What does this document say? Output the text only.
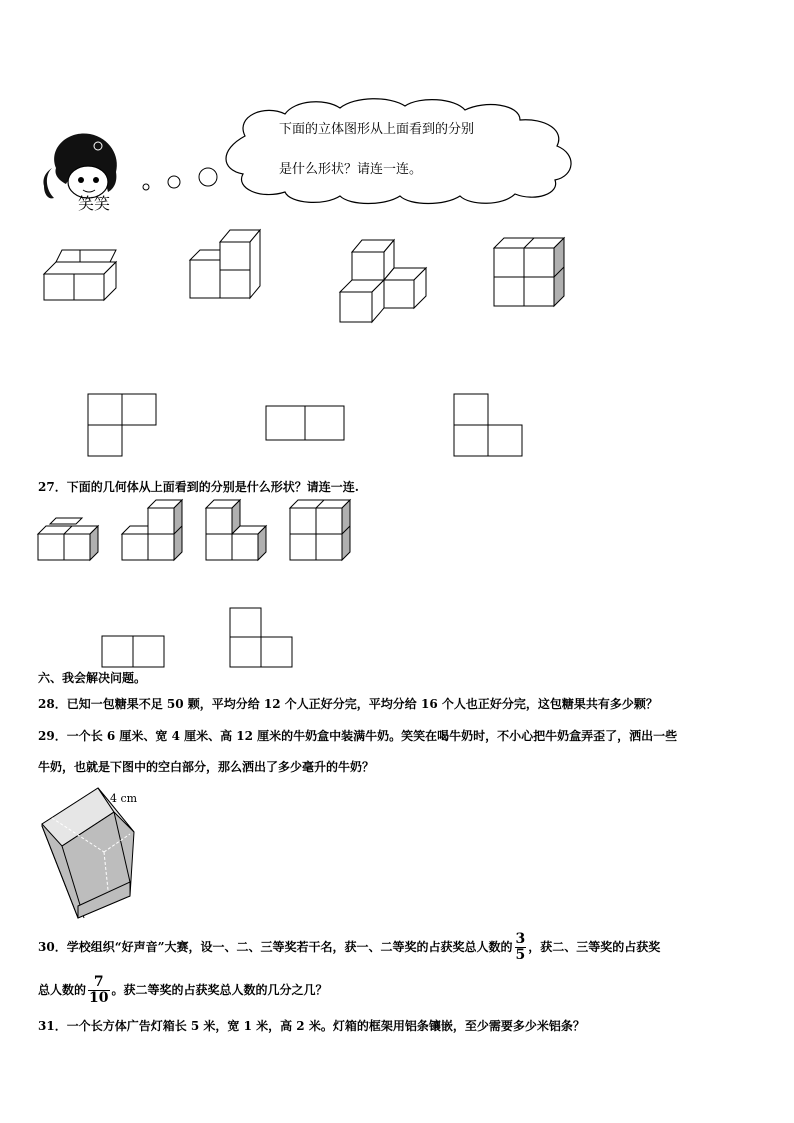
笑笑
下面的立体图形从上面看到的分别
是什么形状？请连一连。
27．下面的几何体从上面看到的分别是什么形状？请连一连.
六、我会解决问题。
28．已知一包糖果不足 50 颗，平均分给 12 个人正好分完，平均分给 16 个人也正好分完，这包糖果共有多少颗？
29．一个长 6 厘米、宽 4 厘米、高 12 厘米的牛奶盒中装满牛奶。笑笑在喝牛奶时，不小心把牛奶盒弄歪了，洒出一些
牛奶，也就是下图中的空白部分，那么洒出了多少毫升的牛奶？
4 cm
30．学校组织“好声音”大赛，设一、二、三等奖若干名，获一、二等奖的占获奖总人数的 $\frac{3}{5}$ ，获二、三等奖的占获奖
总人数的 $\frac{7}{10}$ 。获二等奖的占获奖总人数的几分之几？
31．一个长方体广告灯箱长 5 米，宽 1 米，高 2 米。灯箱的框架用铝条镶嵌，至少需要多少米铝条？
